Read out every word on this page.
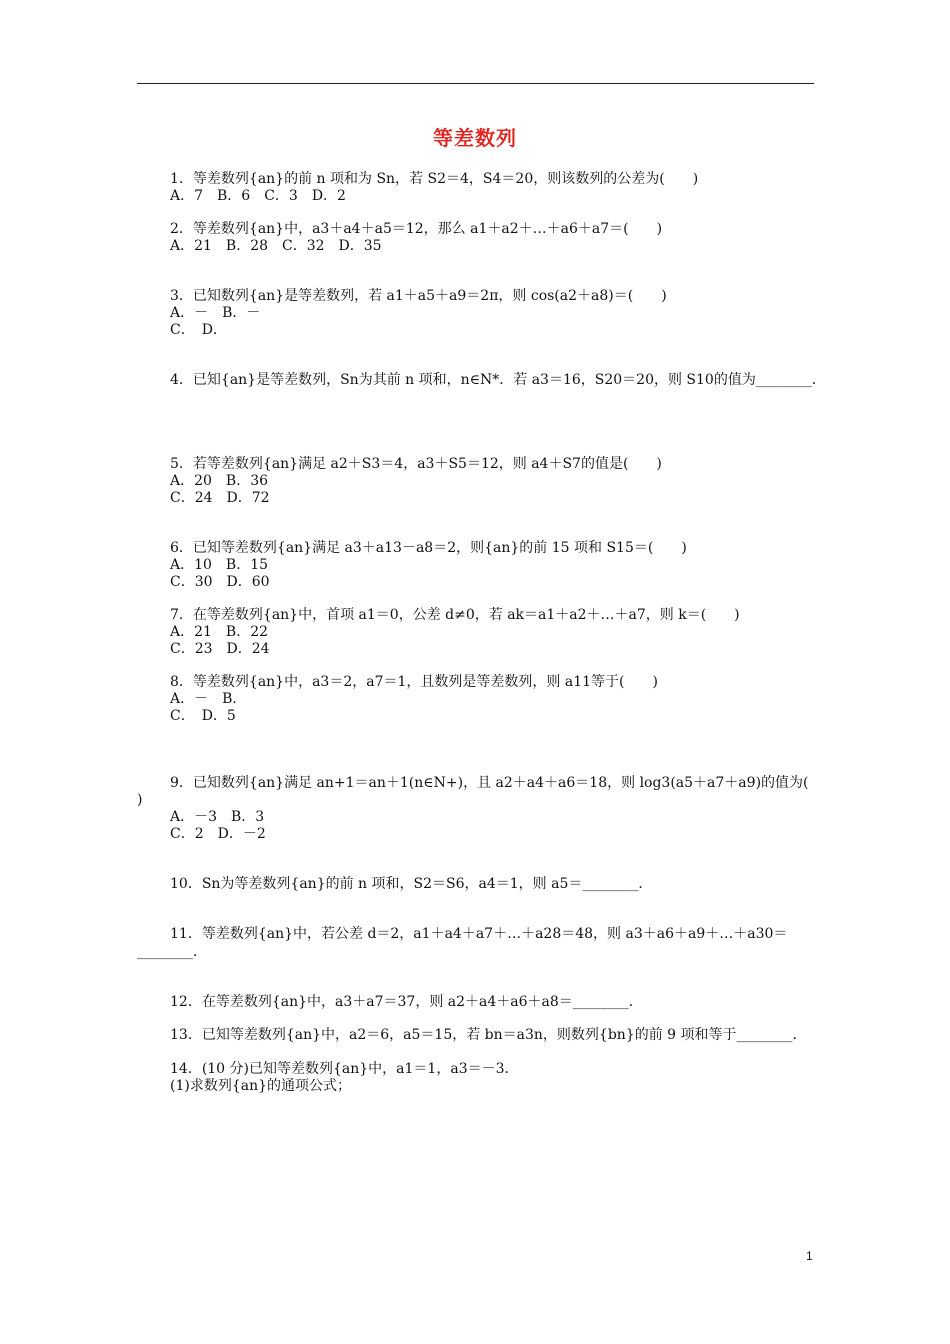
等差数列
1．等差数列{an}的前 n 项和为 Sn，若 S2＝4，S4＝20，则该数列的公差为(　　)
A．7　B．6　C．3　D．2
2．等差数列{an}中，a3＋a4＋a5＝12，那么 a1＋a2＋…＋a6＋a7＝(　　)
A．21　B．28　C．32　D．35
3．已知数列{an}是等差数列，若 a1＋a5＋a9＝2π，则 cos(a2＋a8)＝(　　)
A．－　B．－
C．　D．
4．已知{an}是等差数列，Sn为其前 n 项和，n∈N*．若 a3＝16，S20＝20，则 S10的值为________．
5．若等差数列{an}满足 a2＋S3＝4，a3＋S5＝12，则 a4＋S7的值是(　　)
A．20　B．36
C．24　D．72
6．已知等差数列{an}满足 a3＋a13－a8＝2，则{an}的前 15 项和 S15＝(　　)
A．10　B．15
C．30　D．60
7．在等差数列{an}中，首项 a1＝0，公差 d≠0，若 ak＝a1＋a2＋…＋a7，则 k＝(　　)
A．21　B．22
C．23　D．24
8．等差数列{an}中，a3＝2，a7＝1，且数列是等差数列，则 a11等于(　　)
A．－　B．
C．　D．5
9．已知数列{an}满足 an+1＝an＋1(n∈N+)，且 a2＋a4＋a6＝18，则 log3(a5＋a7＋a9)的值为(
)
A．－3　B．3
C．2　D．－2
10．Sn为等差数列{an}的前 n 项和，S2＝S6，a4＝1，则 a5＝________．
11．等差数列{an}中，若公差 d＝2，a1＋a4＋a7＋…＋a28＝48，则 a3＋a6＋a9＋…＋a30＝
________．
12．在等差数列{an}中，a3＋a7＝37，则 a2＋a4＋a6＋a8＝________．
13．已知等差数列{an}中，a2＝6，a5＝15，若 bn＝a3n，则数列{bn}的前 9 项和等于________．
14．(10 分)已知等差数列{an}中，a1＝1，a3＝－3．
(1)求数列{an}的通项公式；
1
